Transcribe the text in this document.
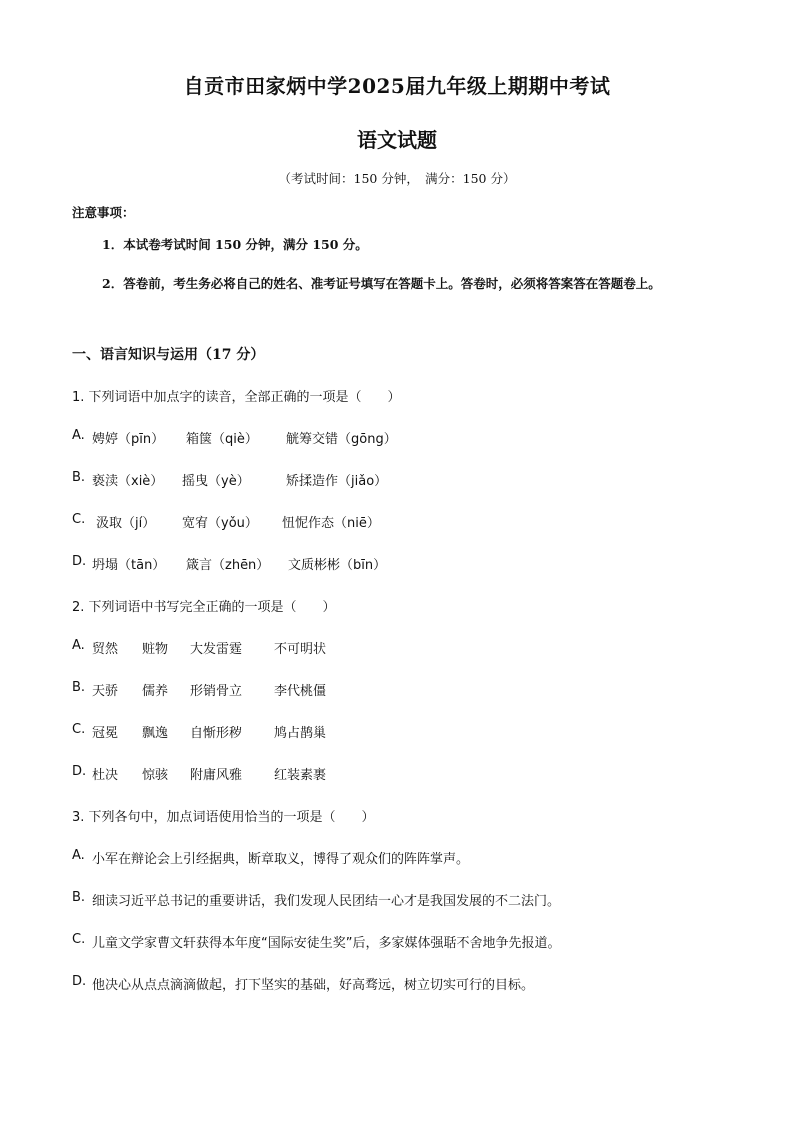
自贡市田家炳中学2025届九年级上期期中考试
语文试题
（考试时间：150 分钟，　满分：150 分）
注意事项：
1．本试卷考试时间 150 分钟，满分 150 分。
2．答卷前，考生务必将自己的姓名、准考证号填写在答题卡上。答卷时，必须将答案答在答题卷上。
一、语言知识与运用（17 分）
1. 下列词语中加点字的读音，全部正确的一项是（　　）
A. 娉婷（pīn） 箱箧（qiè） 觥筹交错（gōng）
B. 亵渎（xiè） 摇曳（yè）	矫揉造作（jiǎo）
C. 汲取（jí） 宽宥（yǒu） 忸怩作态（niē）
D. 坍塌（tān） 箴言（zhēn） 文质彬彬（bīn）
2. 下列词语中书写完全正确的一项是（　　）
A. 贸然 赃物 大发雷霆 不可明状
B. 天骄 儒养 形销骨立 李代桃僵
C. 冠冕 飘逸 自惭形秽 鸠占鹊巢
D. 杜决 惊骇 附庸风雅 红装素裹
3. 下列各句中，加点词语使用恰当的一项是（　　）
A. 小军在辩论会上引经据典，断章取义，博得了观众们的阵阵掌声。
B. 细读习近平总书记的重要讲话，我们发现人民团结一心才是我国发展的不二法门。
C. 儿童文学家曹文轩获得本年度“国际安徒生奖”后，多家媒体强聒不舍地争先报道。
D. 他决心从点点滴滴做起，打下坚实的基础，好高骛远，树立切实可行的目标。
